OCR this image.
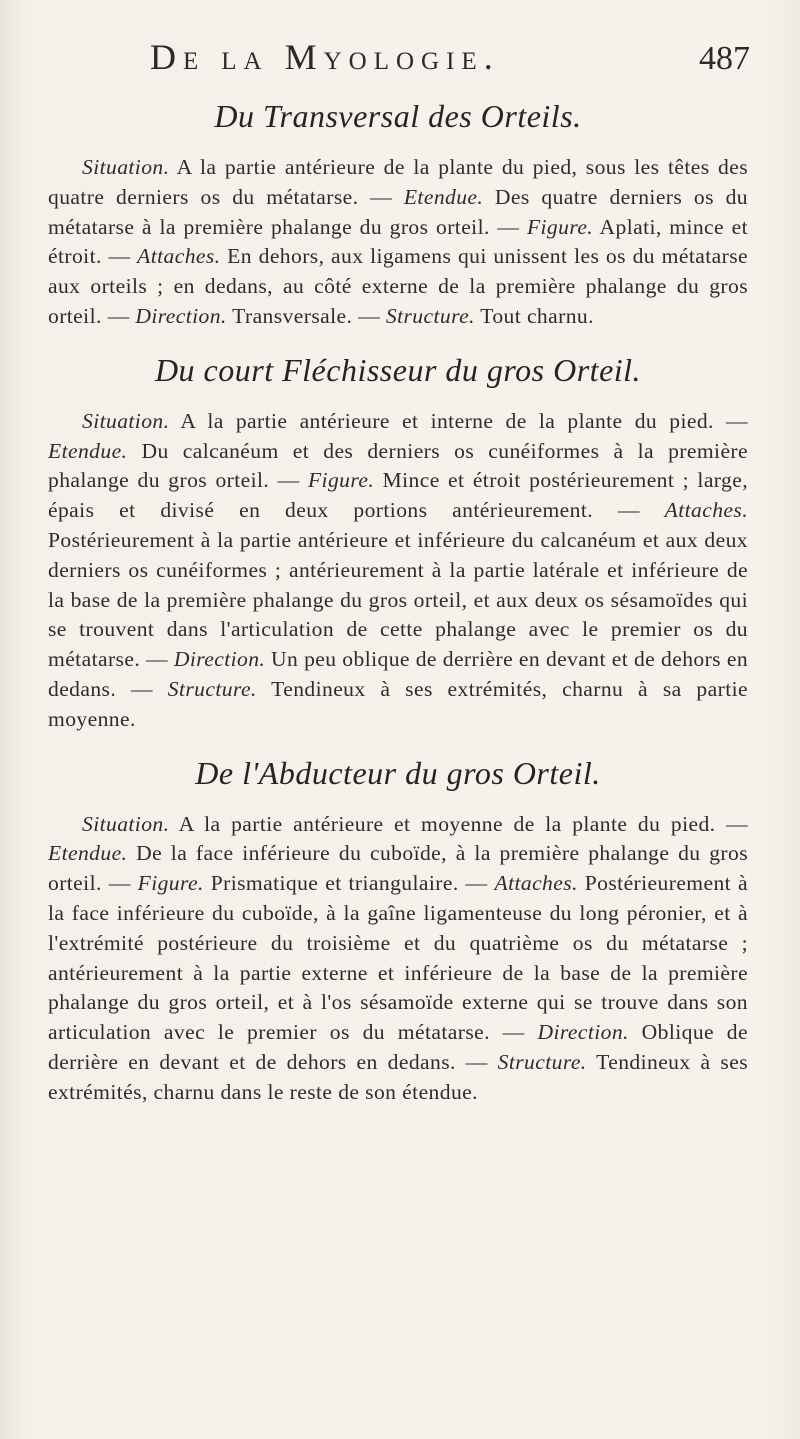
De la Myologie.	487
Du Transversal des Orteils.

Situation. A la partie antérieure de la plante du pied, sous les têtes des quatre derniers os du métatarse. — Etendue. Des quatre derniers os du métatarse à la première phalange du gros orteil. — Figure. Aplati, mince et étroit. — Attaches. En dehors, aux ligamens qui unissent les os du métatarse aux orteils ; en dedans, au côté externe de la première phalange du gros orteil. — Direction. Transversale. — Structure. Tout charnu.

Du court Fléchisseur du gros Orteil.

Situation. A la partie antérieure et interne de la plante du pied. — Etendue. Du calcanéum et des derniers os cunéiformes à la première phalange du gros orteil. — Figure. Mince et étroit postérieurement ; large, épais et divisé en deux portions antérieurement. — Attaches. Postérieurement à la partie antérieure et inférieure du calcanéum et aux deux derniers os cunéiformes ; antérieurement à la partie latérale et inférieure de la base de la première phalange du gros orteil, et aux deux os sésamoïdes qui se trouvent dans l'articulation de cette phalange avec le premier os du métatarse. — Direction. Un peu oblique de derrière en devant et de dehors en dedans. — Structure. Tendineux à ses extrémités, charnu à sa partie moyenne.

De l'Abducteur du gros Orteil.

Situation. A la partie antérieure et moyenne de la plante du pied. — Etendue. De la face inférieure du cuboïde, à la première phalange du gros orteil. — Figure. Prismatique et triangulaire. — Attaches. Postérieurement à la face inférieure du cuboïde, à la gaîne ligamenteuse du long péronier, et à l'extrémité postérieure du troisième et du quatrième os du métatarse ; antérieurement à la partie externe et inférieure de la base de la première phalange du gros orteil, et à l'os sésamoïde externe qui se trouve dans son articulation avec le premier os du métatarse. — Direction. Oblique de derrière en devant et de dehors en dedans. — Structure. Tendineux à ses extrémités, charnu dans le reste de son étendue.
